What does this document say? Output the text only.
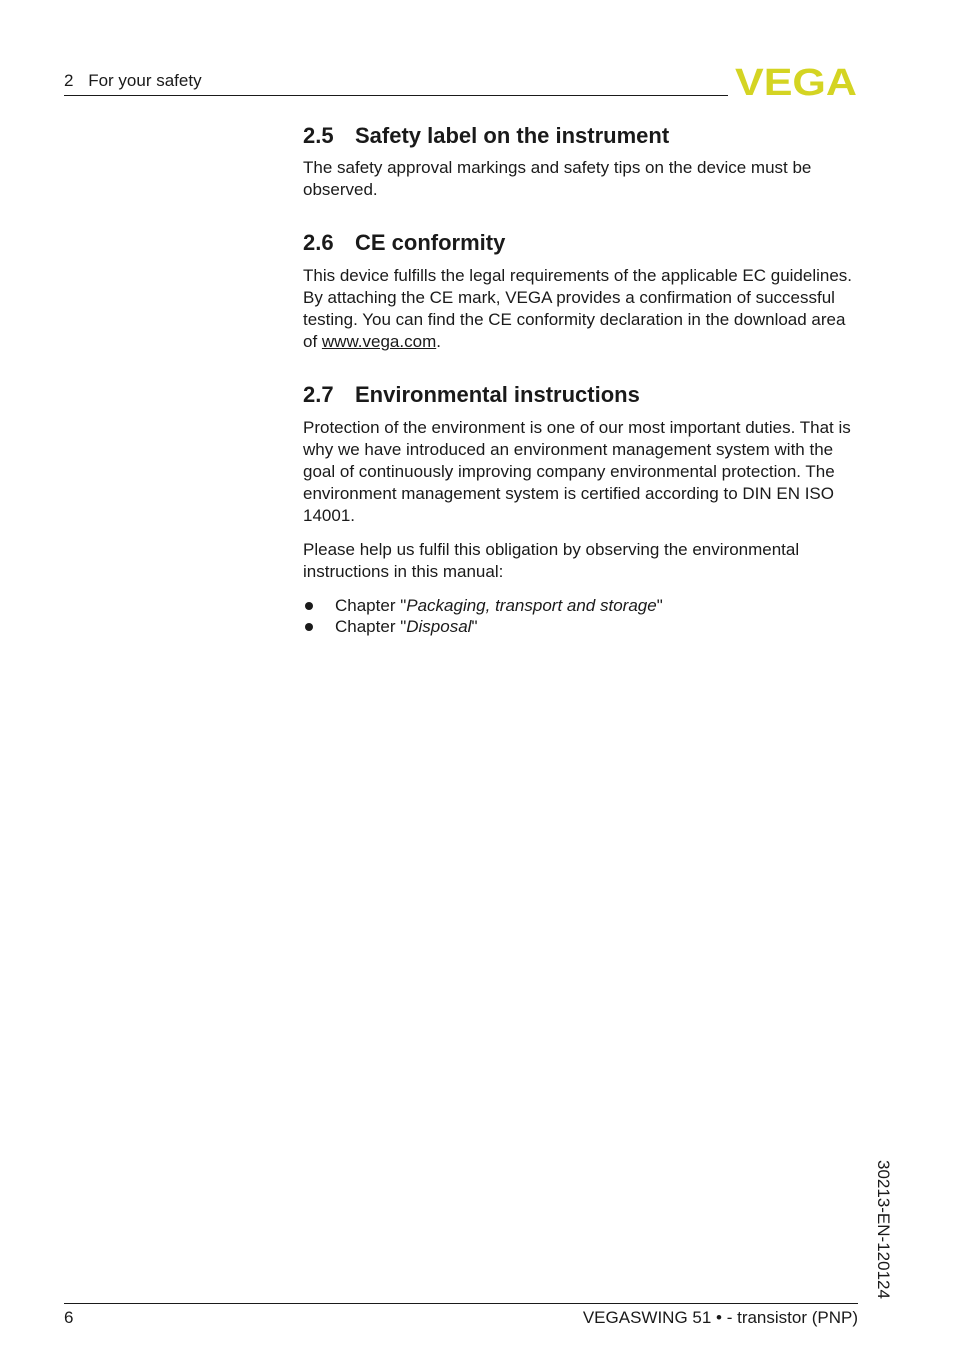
2 For your safety	VEGA
2.5 Safety label on the instrument

The safety approval markings and safety tips on the device must be observed.

2.6 CE conformity

This device fulfills the legal requirements of the applicable EC guidelines. By attaching the CE mark, VEGA provides a confirmation of successful testing. You can find the CE conformity declaration in the download area of www.vega.com.

2.7 Environmental instructions

Protection of the environment is one of our most important duties. That is why we have introduced an environment management system with the goal of continuously improving company environmental protection. The environment management system is certified according to DIN EN ISO 14001.

Please help us fulfil this obligation by observing the environmental instructions in this manual:

Chapter "Packaging, transport and storage"
Chapter "Disposal"
30213-EN-120124
6	VEGASWING 51 • - transistor (PNP)
